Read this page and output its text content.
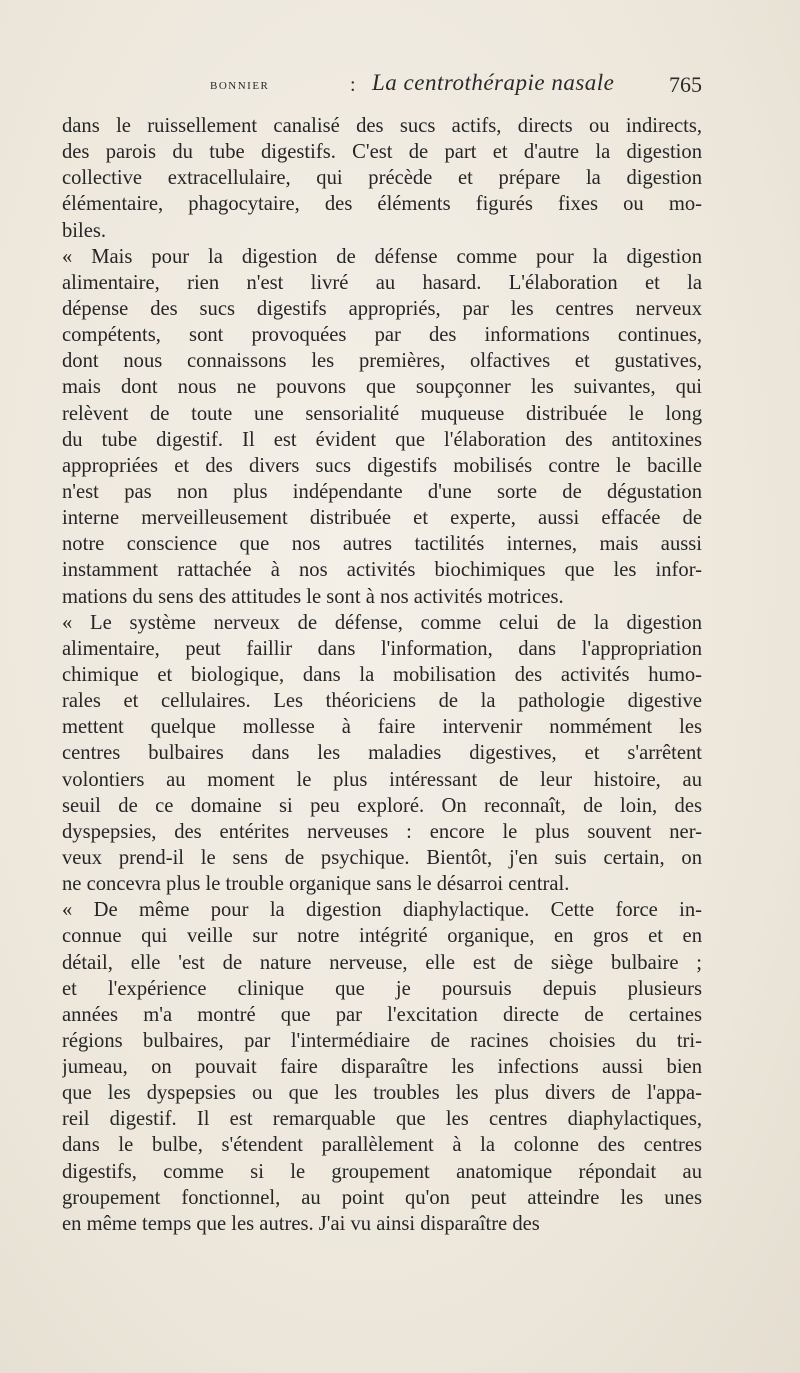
bonnier	: La centrothérapie nasale 765
dans le ruissellement canalisé des sucs actifs, directs ou indirects,
des parois du tube digestifs. C'est de part et d'autre la digestion
collective extracellulaire, qui précède et prépare la digestion
élémentaire, phagocytaire, des éléments figurés fixes ou mo-
biles.
« Mais pour la digestion de défense comme pour la digestion
alimentaire, rien n'est livré au hasard. L'élaboration et la
dépense des sucs digestifs appropriés, par les centres nerveux
compétents, sont provoquées par des informations continues,
dont nous connaissons les premières, olfactives et gustatives,
mais dont nous ne pouvons que soupçonner les suivantes, qui
relèvent de toute une sensorialité muqueuse distribuée le long
du tube digestif. Il est évident que l'élaboration des antitoxines
appropriées et des divers sucs digestifs mobilisés contre le bacille
n'est pas non plus indépendante d'une sorte de dégustation
interne merveilleusement distribuée et experte, aussi effacée de
notre conscience que nos autres tactilités internes, mais aussi
instamment rattachée à nos activités biochimiques que les infor-
mations du sens des attitudes le sont à nos activités motrices.
« Le système nerveux de défense, comme celui de la digestion
alimentaire, peut faillir dans l'information, dans l'appropriation
chimique et biologique, dans la mobilisation des activités humo-
rales et cellulaires. Les théoriciens de la pathologie digestive
mettent quelque mollesse à faire intervenir nommément les
centres bulbaires dans les maladies digestives, et s'arrêtent
volontiers au moment le plus intéressant de leur histoire, au
seuil de ce domaine si peu exploré. On reconnaît, de loin, des
dyspepsies, des entérites nerveuses : encore le plus souvent ner-
veux prend-il le sens de psychique. Bientôt, j'en suis certain, on
ne concevra plus le trouble organique sans le désarroi central.
« De même pour la digestion diaphylactique. Cette force in-
connue qui veille sur notre intégrité organique, en gros et en
détail, elle 'est de nature nerveuse, elle est de siège bulbaire ;
et l'expérience clinique que je poursuis depuis plusieurs
années m'a montré que par l'excitation directe de certaines
régions bulbaires, par l'intermédiaire de racines choisies du tri-
jumeau, on pouvait faire disparaître les infections aussi bien
que les dyspepsies ou que les troubles les plus divers de l'appa-
reil digestif. Il est remarquable que les centres diaphylactiques,
dans le bulbe, s'étendent parallèlement à la colonne des centres
digestifs, comme si le groupement anatomique répondait au
groupement fonctionnel, au point qu'on peut atteindre les unes
en même temps que les autres. J'ai vu ainsi disparaître des
